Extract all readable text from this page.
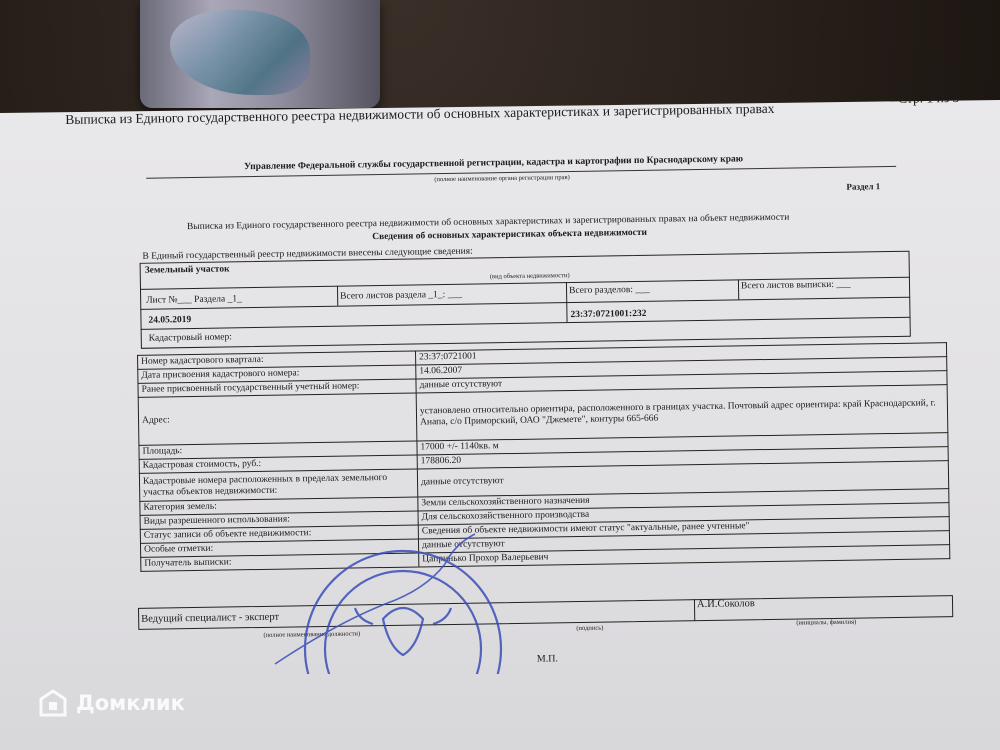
Выписка из Единого государственного реестра недвижимости об основных характеристиках и зарегистрированных правах
Стр. 1 из 3
Управление Федеральной службы государственной регистрации, кадастра и картографии по Краснодарскому краю
(полное наименование органа регистрации прав)
Раздел 1
Выписка из Единого государственного реестра недвижимости об основных характеристиках и зарегистрированных правах на объект недвижимости
Сведения об основных характеристиках объекта недвижимости
В Единый государственный реестр недвижимости внесены следующие сведения:
Земельный участок
(вид объекта недвижимости)
Лист №___ Раздела _1_	Всего листов раздела _1_: ___	Всего разделов: ___	Всего листов выписки: ___
24.05.2019
23:37:0721001:232
Кадастровый номер:
Номер кадастрового квартала:	23:37:0721001
Дата присвоения кадастрового номера:	14.06.2007
Ранее присвоенный государственный учетный номер:	данные отсутствуют
Адрес:	установлено относительно ориентира, расположенного в границах участка. Почтовый адрес ориентира: край Краснодарский, г. Анапа, с/о Приморский, ОАО "Джемете", контуры 665-666
Площадь:	17000 +/- 1140кв. м
Кадастровая стоимость, руб.:	178806.20
Кадастровые номера расположенных в пределах земельного участка объектов недвижимости:	данные отсутствуют
Категория земель:	Земли сельскохозяйственного назначения
Виды разрешенного использования:	Для сельскохозяйственного производства
Статус записи об объекте недвижимости:	Сведения об объекте недвижимости имеют статус "актуальные, ранее учтенные"
Особые отметки:	данные отсутствуют
Получатель выписки:	Цапринько Прохор Валерьевич
Ведущий специалист - эксперт
А.И.Соколов
(полное наименование должности)
(подпись)
(инициалы, фамилия)
М.П.
Домклик
